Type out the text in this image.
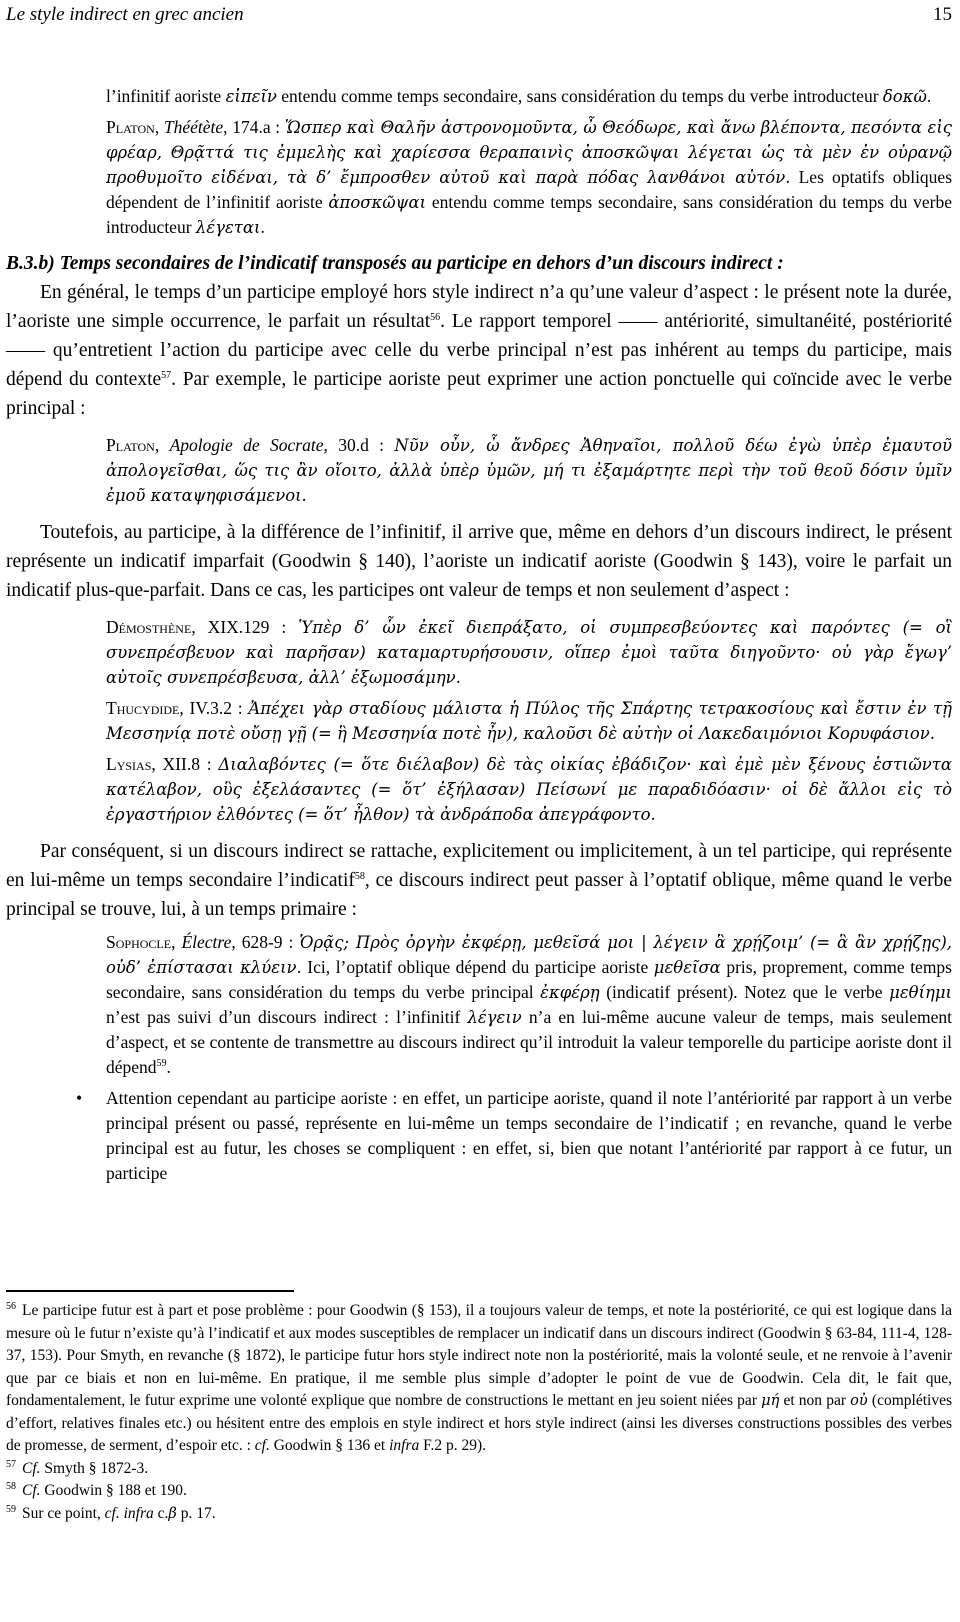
Le style indirect en grec ancien	15

l’infinitif aoriste εἰπεῖν entendu comme temps secondaire, sans considération du temps du verbe introducteur δοκῶ.

Platon, Théétète, 174.a : Ὥσπερ καὶ Θαλῆν ἀστρονομοῦντα, ὦ Θεόδωρε, καὶ ἄνω βλέποντα, πεσόντα εἰς φρέαρ, Θρᾷττά τις ἐμμελὴς καὶ χαρίεσσα θεραπαινὶς ἀποσκῶψαι λέγεται ὡς τὰ μὲν ἐν οὐρανῷ προθυμοῖτο εἰδέναι, τὰ δ’ ἔμπροσθεν αὐτοῦ καὶ παρὰ πόδας λανθάνοι αὐτόν. Les optatifs obliques dépendent de l’infinitif aoriste ἀποσκῶψαι entendu comme temps secondaire, sans considération du temps du verbe introducteur λέγεται.

B.3.b) Temps secondaires de l’indicatif transposés au participe en dehors d’un discours indirect :

En général, le temps d’un participe employé hors style indirect n’a qu’une valeur d’aspect : le présent note la durée, l’aoriste une simple occurrence, le parfait un résultat$^{56}$. Le rapport temporel —— antériorité, simultanéité, postériorité —— qu’entretient l’action du participe avec celle du verbe principal n’est pas inhérent au temps du participe, mais dépend du contexte$^{57}$. Par exemple, le participe aoriste peut exprimer une action ponctuelle qui coïncide avec le verbe principal :

Platon, Apologie de Socrate, 30.d : Νῦν οὖν, ὦ ἄνδρες Ἀθηναῖοι, πολλοῦ δέω ἐγὼ ὑπὲρ ἐμαυτοῦ ἀπολογεῖσθαι, ὥς τις ἂν οἴοιτο, ἀλλὰ ὑπὲρ ὑμῶν, μή τι ἐξαμάρτητε περὶ τὴν τοῦ θεοῦ δόσιν ὑμῖν ἐμοῦ καταψηφισάμενοι.

Toutefois, au participe, à la différence de l’infinitif, il arrive que, même en dehors d’un discours indirect, le présent représente un indicatif imparfait (Goodwin § 140), l’aoriste un indicatif aoriste (Goodwin § 143), voire le parfait un indicatif plus-que-parfait. Dans ce cas, les participes ont valeur de temps et non seulement d’aspect :

Démosthène, XIX.129 : Ὑπὲρ δ’ ὧν ἐκεῖ διεπράξατο, οἱ συμπρεσβεύοντες καὶ παρόντες (= οἳ συνεπρέσβευον καὶ παρῆσαν) καταμαρτυρήσουσιν, οἵπερ ἐμοὶ ταῦτα διηγοῦντο· οὐ γὰρ ἔγωγ’ αὐτοῖς συνεπρέσβευσα, ἀλλ’ ἐξωμοσάμην.

Thucydide, IV.3.2 : Ἀπέχει γὰρ σταδίους μάλιστα ἡ Πύλος τῆς Σπάρτης τετρακοσίους καὶ ἔστιν ἐν τῇ Μεσσηνίᾳ ποτὲ οὔσῃ γῇ (= ἣ Μεσσηνία ποτὲ ἦν), καλοῦσι δὲ αὐτὴν οἱ Λακεδαιμόνιοι Κορυφάσιον.

Lysias, XII.8 : Διαλαβόντες (= ὅτε διέλαβον) δὲ τὰς οἰκίας ἐβάδιζον· καὶ ἐμὲ μὲν ξένους ἑστιῶντα κατέλαβον, οὓς ἐξελάσαντες (= ὅτ’ ἐξήλασαν) Πείσωνί με παραδιδόασιν· οἱ δὲ ἄλλοι εἰς τὸ ἐργαστήριον ἐλθόντες (= ὅτ’ ἦλθον) τὰ ἀνδράποδα ἀπεγράφοντο.

Par conséquent, si un discours indirect se rattache, explicitement ou implicitement, à un tel participe, qui représente en lui-même un temps secondaire l’indicatif$^{58}$, ce discours indirect peut passer à l’optatif oblique, même quand le verbe principal se trouve, lui, à un temps primaire :

Sophocle, Électre, 628-9 : Ὁρᾷς; Πρὸς ὀργὴν ἐκφέρῃ, μεθεῖσά μοι | λέγειν ἃ χρῄζοιμ’ (= ἃ ἂν χρῄζῃς), οὐδ’ ἐπίστασαι κλύειν. Ici, l’optatif oblique dépend du participe aoriste μεθεῖσα pris, proprement, comme temps secondaire, sans considération du temps du verbe principal ἐκφέρῃ (indicatif présent). Notez que le verbe μεθίημι n’est pas suivi d’un discours indirect : l’infinitif λέγειν n’a en lui-même aucune valeur de temps, mais seulement d’aspect, et se contente de transmettre au discours indirect qu’il introduit la valeur temporelle du participe aoriste dont il dépend$^{59}$.

• Attention cependant au participe aoriste : en effet, un participe aoriste, quand il note l’antériorité par rapport à un verbe principal présent ou passé, représente en lui-même un temps secondaire de l’indicatif ; en revanche, quand le verbe principal est au futur, les choses se compliquent : en effet, si, bien que notant l’antériorité par rapport à ce futur, un participe

$^{56}$ Le participe futur est à part et pose problème : pour Goodwin (§ 153), il a toujours valeur de temps, et note la postériorité, ce qui est logique dans la mesure où le futur n’existe qu’à l’indicatif et aux modes susceptibles de remplacer un indicatif dans un discours indirect (Goodwin § 63-84, 111-4, 128-37, 153). Pour Smyth, en revanche (§ 1872), le participe futur hors style indirect note non la postériorité, mais la volonté seule, et ne renvoie à l’avenir que par ce biais et non en lui-même. En pratique, il me semble plus simple d’adopter le point de vue de Goodwin. Cela dit, le fait que, fondamentalement, le futur exprime une volonté explique que nombre de constructions le mettant en jeu soient niées par μή et non par οὐ (complétives d’effort, relatives finales etc.) ou hésitent entre des emplois en style indirect et hors style indirect (ainsi les diverses constructions possibles des verbes de promesse, de serment, d’espoir etc. : cf. Goodwin § 136 et infra F.2 p. 29).

$^{57}$ Cf. Smyth § 1872-3.

$^{58}$ Cf. Goodwin § 188 et 190.

$^{59}$ Sur ce point, cf. infra c.β p. 17.
